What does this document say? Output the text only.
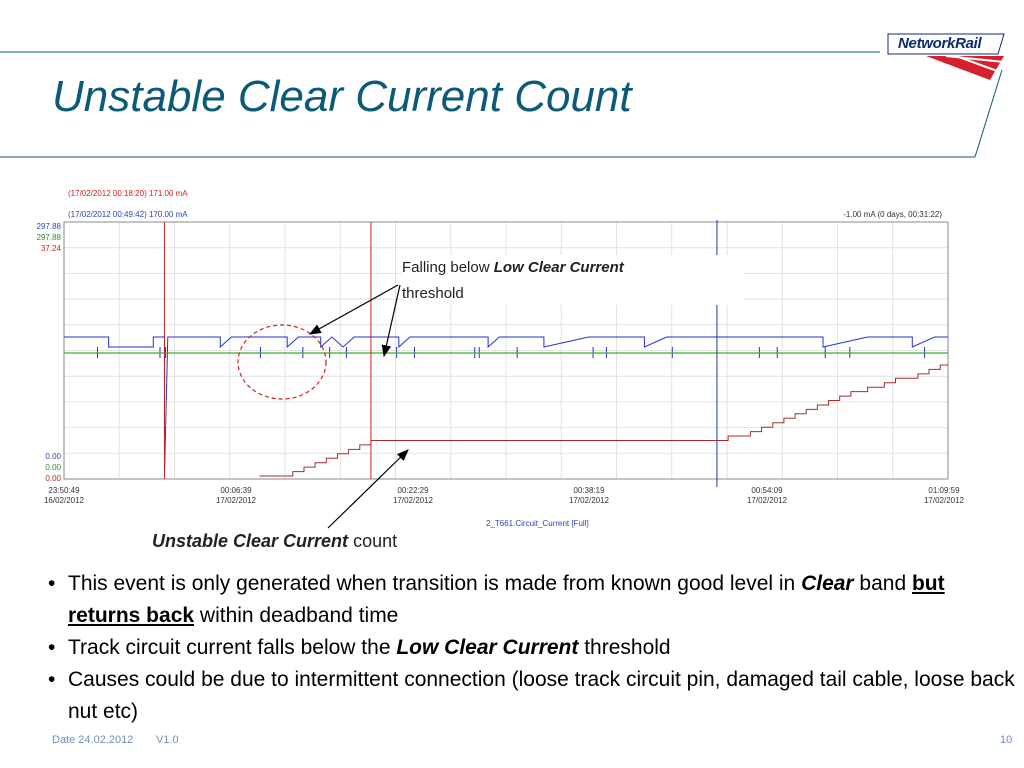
Unstable Clear Current Count
NetworkRail
(17/02/2012 00:18:20) 171.00 mA
(17/02/2012 00:49:42) 170.00 mA	-1.00 mA (0 days, 00:31:22)
297.88
297.88
37.24
0.00
0.00
0.00
23:50:49
16/02/2012
00:06:39
17/02/2012
00:22:29
17/02/2012
00:38:19
17/02/2012
00:54:09
17/02/2012
01:09:59
17/02/2012
2_T661.Circuit_Current [Full]
Falling below Low Clear Current
threshold
Unstable Clear Current count
• This event is only generated when transition is made from known good level in Clear band but returns back within deadband time
• Track circuit current falls below the Low Clear Current threshold
• Causes could be due to intermittent connection (loose track circuit pin, damaged tail cable, loose back nut etc)
Date 24.02.2012 V1.0	10
